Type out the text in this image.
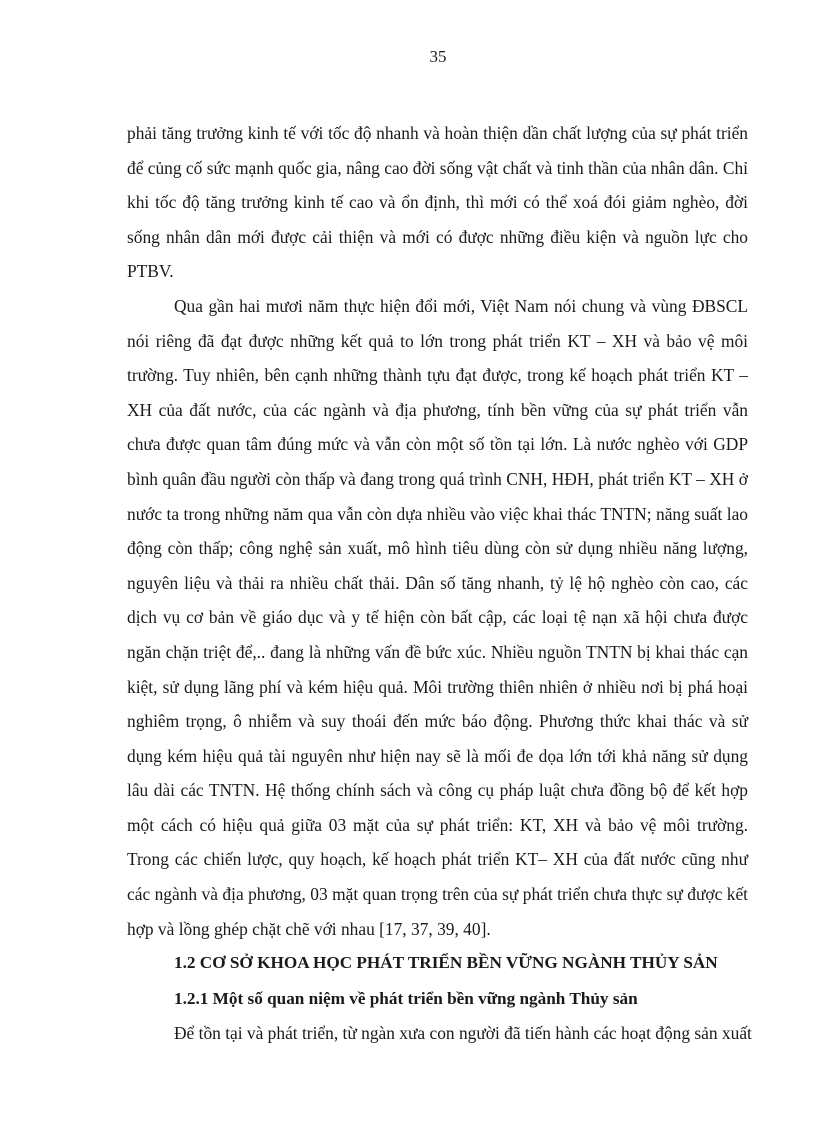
35

phải tăng trưởng kinh tế với tốc độ nhanh và hoàn thiện dần chất lượng của sự phát triển để củng cố sức mạnh quốc gia, nâng cao đời sống vật chất và tinh thần của nhân dân. Chỉ khi tốc độ tăng trưởng kinh tế cao và ổn định, thì mới có thể xoá đói giảm nghèo, đời sống nhân dân mới được cải thiện và mới có được những điều kiện và nguồn lực cho PTBV.

Qua gần hai mươi năm thực hiện đổi mới, Việt Nam nói chung và vùng ĐBSCL nói riêng đã đạt được những kết quả to lớn trong phát triển KT – XH và bảo vệ môi trường. Tuy nhiên, bên cạnh những thành tựu đạt được, trong kế hoạch phát triển KT – XH của đất nước, của các ngành và địa phương, tính bền vững của sự phát triển vẫn chưa được quan tâm đúng mức và vẫn còn một số tồn tại lớn. Là nước nghèo với GDP bình quân đầu người còn thấp và đang trong quá trình CNH, HĐH, phát triển KT – XH ở nước ta trong những năm qua vẫn còn dựa nhiều vào việc khai thác TNTN; năng suất lao động còn thấp; công nghệ sản xuất, mô hình tiêu dùng còn sử dụng nhiều năng lượng, nguyên liệu và thải ra nhiều chất thải. Dân số tăng nhanh, tỷ lệ hộ nghèo còn cao, các dịch vụ cơ bản về giáo dục và y tế hiện còn bất cập, các loại tệ nạn xã hội chưa được ngăn chặn triệt để,.. đang là những vấn đề bức xúc. Nhiều nguồn TNTN bị khai thác cạn kiệt, sử dụng lãng phí và kém hiệu quả. Môi trường thiên nhiên ở nhiều nơi bị phá hoại nghiêm trọng, ô nhiễm và suy thoái đến mức báo động. Phương thức khai thác và sử dụng kém hiệu quả tài nguyên như hiện nay sẽ là mối đe dọa lớn tới khả năng sử dụng lâu dài các TNTN. Hệ thống chính sách và công cụ pháp luật chưa đồng bộ để kết hợp một cách có hiệu quả giữa 03 mặt của sự phát triển: KT, XH và bảo vệ môi trường. Trong các chiến lược, quy hoạch, kế hoạch phát triển KT– XH của đất nước cũng như các ngành và địa phương, 03 mặt quan trọng trên của sự phát triển chưa thực sự được kết hợp và lồng ghép chặt chẽ với nhau [17, 37, 39, 40].

1.2 CƠ SỞ KHOA HỌC PHÁT TRIỂN BỀN VỮNG NGÀNH THỦY SẢN
1.2.1 Một số quan niệm về phát triển bền vững ngành Thủy sản

Để tồn tại và phát triển, từ ngàn xưa con người đã tiến hành các hoạt động sản xuất
